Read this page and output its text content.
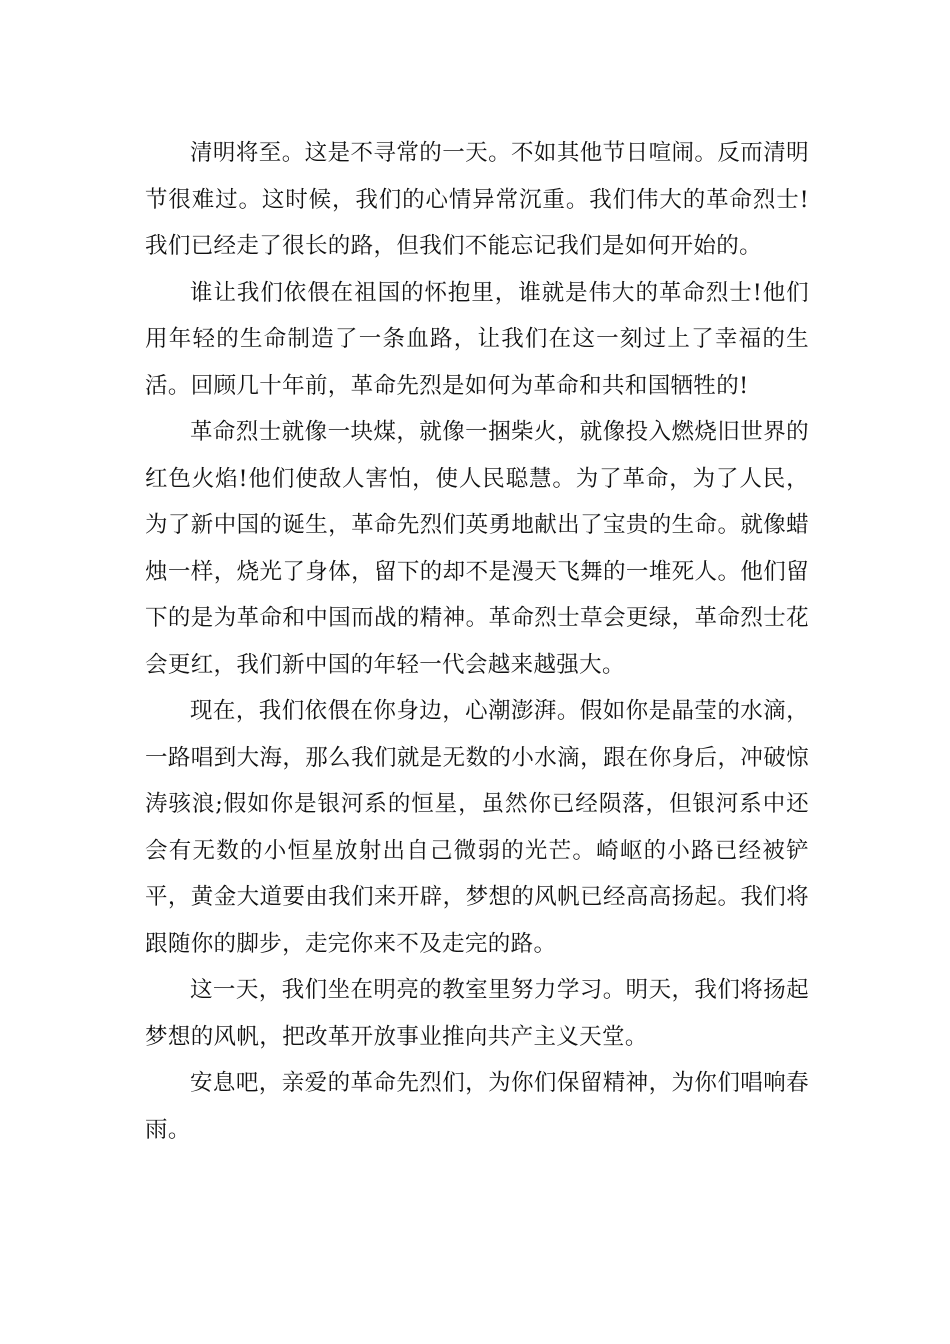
清明将至。这是不寻常的一天。不如其他节日喧闹。反而清明节很难过。这时候，我们的心情异常沉重。我们伟大的革命烈士!我们已经走了很长的路，但我们不能忘记我们是如何开始的。

谁让我们依偎在祖国的怀抱里，谁就是伟大的革命烈士!他们用年轻的生命制造了一条血路，让我们在这一刻过上了幸福的生活。回顾几十年前，革命先烈是如何为革命和共和国牺牲的!

革命烈士就像一块煤，就像一捆柴火，就像投入燃烧旧世界的红色火焰!他们使敌人害怕，使人民聪慧。为了革命，为了人民，为了新中国的诞生，革命先烈们英勇地献出了宝贵的生命。就像蜡烛一样，烧光了身体，留下的却不是漫天飞舞的一堆死人。他们留下的是为革命和中国而战的精神。革命烈士草会更绿，革命烈士花会更红，我们新中国的年轻一代会越来越强大。

现在，我们依偎在你身边，心潮澎湃。假如你是晶莹的水滴，一路唱到大海，那么我们就是无数的小水滴，跟在你身后，冲破惊涛骇浪;假如你是银河系的恒星，虽然你已经陨落，但银河系中还会有无数的小恒星放射出自己微弱的光芒。崎岖的小路已经被铲平，黄金大道要由我们来开辟，梦想的风帆已经高高扬起。我们将跟随你的脚步，走完你来不及走完的路。

这一天，我们坐在明亮的教室里努力学习。明天，我们将扬起梦想的风帆，把改革开放事业推向共产主义天堂。

安息吧，亲爱的革命先烈们，为你们保留精神，为你们唱响春雨。
